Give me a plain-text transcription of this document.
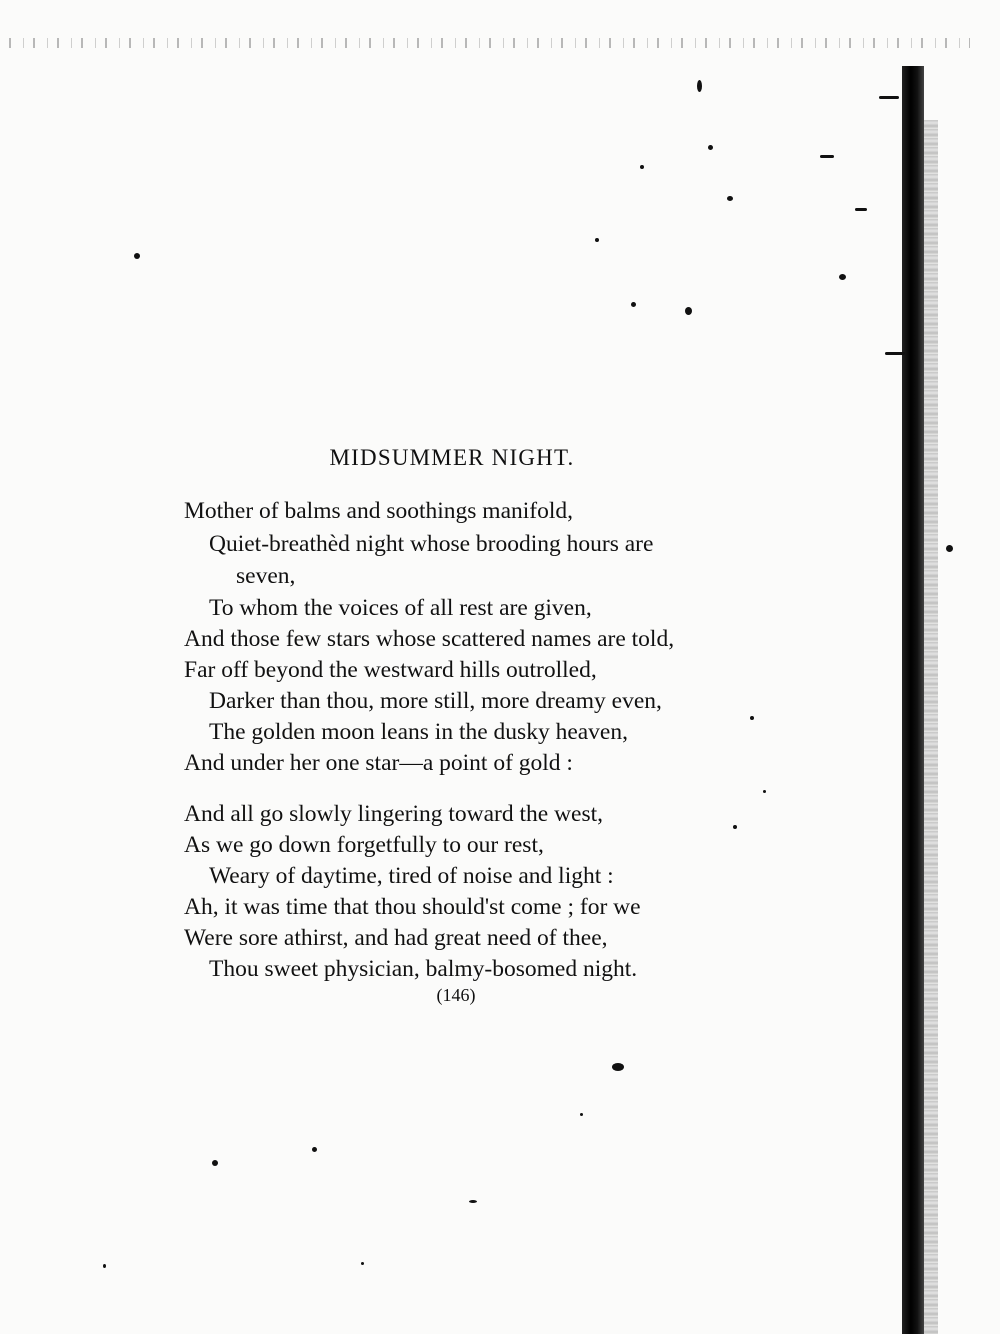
MIDSUMMER NIGHT.
Mother of balms and soothings manifold,
Quiet-breathèd night whose brooding hours are
seven,
To whom the voices of all rest are given,
And those few stars whose scattered names are told,
Far off beyond the westward hills outrolled,
Darker than thou, more still, more dreamy even,
The golden moon leans in the dusky heaven,
And under her one star—a point of gold :
And all go slowly lingering toward the west,
As we go down forgetfully to our rest,
Weary of daytime, tired of noise and light :
Ah, it was time that thou should'st come ; for we
Were sore athirst, and had great need of thee,
Thou sweet physician, balmy-bosomed night.
(146)
